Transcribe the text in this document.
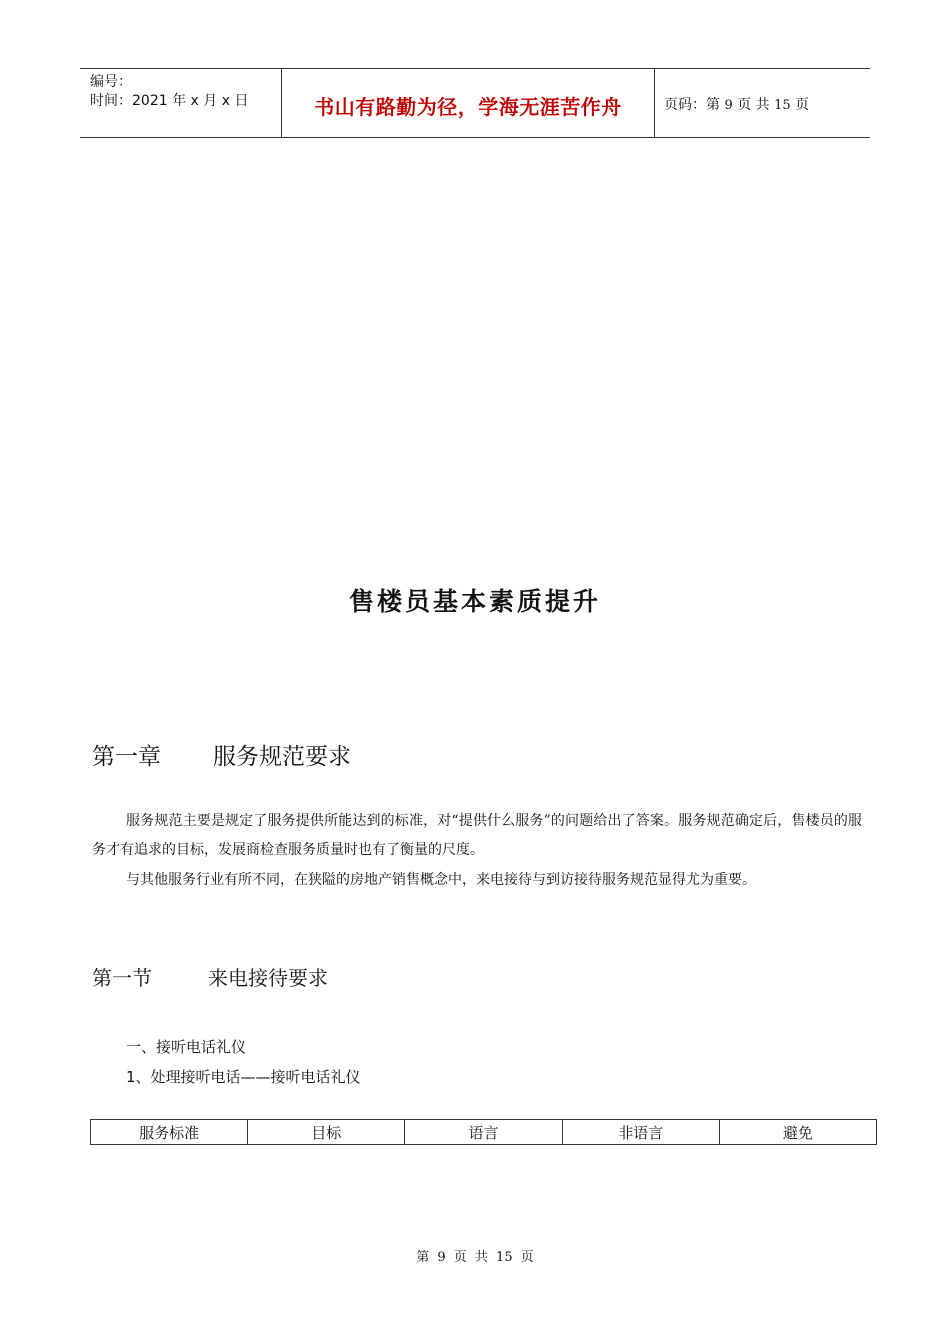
编号：
时间：2021 年 x 月 x 日	书山有路勤为径，学海无涯苦作舟	页码：第 9 页 共 15 页
售楼员基本素质提升
第一章 服务规范要求
服务规范主要是规定了服务提供所能达到的标准，对“提供什么服务”的问题给出了答案。服务规范确定后，售楼员的服务才有追求的目标，发展商检查服务质量时也有了衡量的尺度。
与其他服务行业有所不同，在狭隘的房地产销售概念中，来电接待与到访接待服务规范显得尤为重要。
第一节	来电接待要求
一、接听电话礼仪
1、处理接听电话——接听电话礼仪
服务标准	目标	语言	非语言	避免
第 9 页 共 15 页
